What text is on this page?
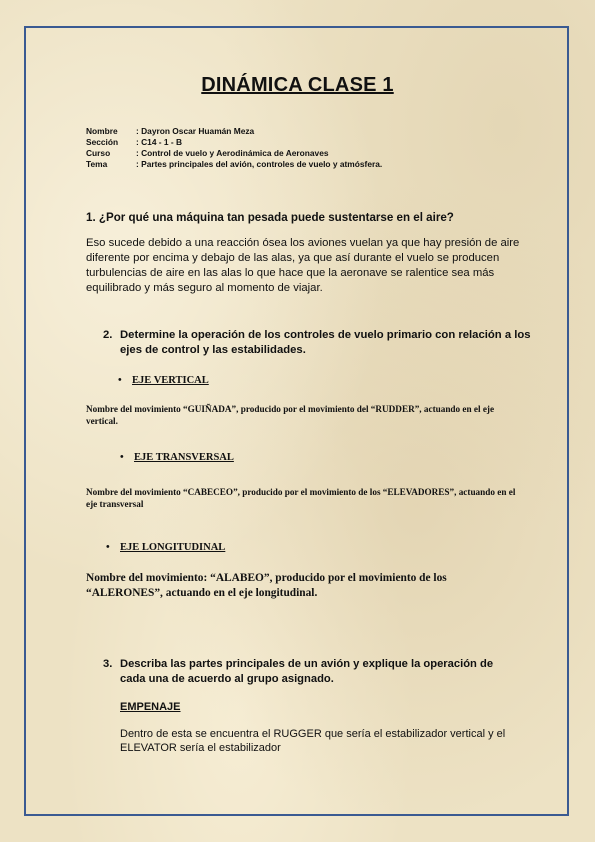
DINÁMICA CLASE 1
Nombre : Dayron Oscar Huamán Meza
Sección : C14 - 1 - B
Curso	: Control de vuelo y Aerodinámica de Aeronaves
Tema	: Partes principales del avión, controles de vuelo y atmósfera.
1. ¿Por qué una máquina tan pesada puede sustentarse en el aire?
Eso sucede debido a una reacción ósea los aviones vuelan ya que hay presión de aire diferente por encima y debajo de las alas, ya que así durante el vuelo se producen turbulencias de aire en las alas lo que hace que la aeronave se ralentice sea más equilibrado y más seguro al momento de viajar.
2. Determine la operación de los controles de vuelo primario con relación a los ejes de control y las estabilidades.
• EJE VERTICAL
Nombre del movimiento “GUIÑADA”, producido por el movimiento del “RUDDER”, actuando en el eje vertical.
• EJE TRANSVERSAL
Nombre del movimiento “CABECEO”, producido por el movimiento de los “ELEVADORES”, actuando en el eje transversal
• EJE LONGITUDINAL
Nombre del movimiento: “ALABEO”, producido por el movimiento de los “ALERONES”, actuando en el eje longitudinal.
3. Describa las partes principales de un avión y explique la operación de cada una de acuerdo al grupo asignado.
EMPENAJE
Dentro de esta se encuentra el RUGGER que sería el estabilizador vertical y el ELEVATOR sería el estabilizador
